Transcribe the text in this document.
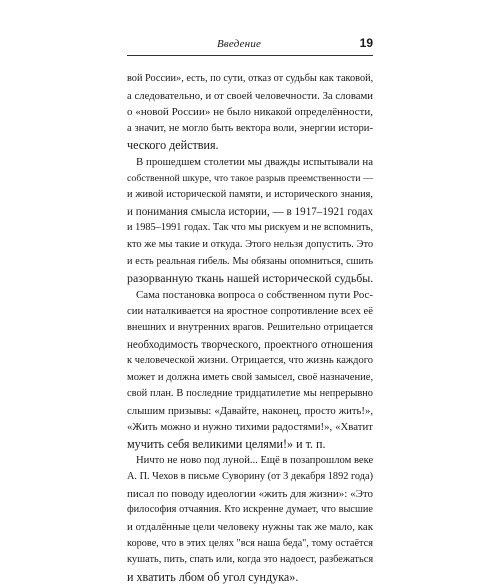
Введение	19
вой России», есть, по сути, отказ от судьбы как таковой,
а следовательно, и от своей человечности. За словами
о «новой России» не было никакой определённости,
а значит, не могло быть вектора воли, энергии истори-
ческого действия.
В прошедшем столетии мы дважды испытывали на
собственной шкуре, что такое разрыв преемственности —
и живой исторической памяти, и исторического знания,
и понимания смысла истории, — в 1917–1921 годах
и 1985–1991 годах. Так что мы рискуем и не вспомнить,
кто же мы такие и откуда. Этого нельзя допустить. Это
и есть реальная гибель. Мы обязаны опомниться, сшить
разорванную ткань нашей исторической судьбы.
Сама постановка вопроса о собственном пути Рос-
сии наталкивается на яростное сопротивление всех её
внешних и внутренних врагов. Решительно отрицается
необходимость творческого, проектного отношения
к человеческой жизни. Отрицается, что жизнь каждого
может и должна иметь свой замысел, своё назначение,
свой план. В последние тридцатилетие мы непрерывно
слышим призывы: «Давайте, наконец, просто жить!»,
«Жить можно и нужно тихими радостями!», «Хватит
мучить себя великими целями!» и т. п.
Ничто не ново под луной... Ещё в позапрошлом веке
А. П. Чехов в письме Суворину (от 3 декабря 1892 года)
писал по поводу идеологии «жить для жизни»: «Это
философия отчаяния. Кто искренне думает, что высшие
и отдалённые цели человеку нужны так же мало, как
корове, что в этих целях "вся наша беда", тому остаётся
кушать, пить, спать или, когда это надоест, разбежаться
и хватить лбом об угол сундука».
